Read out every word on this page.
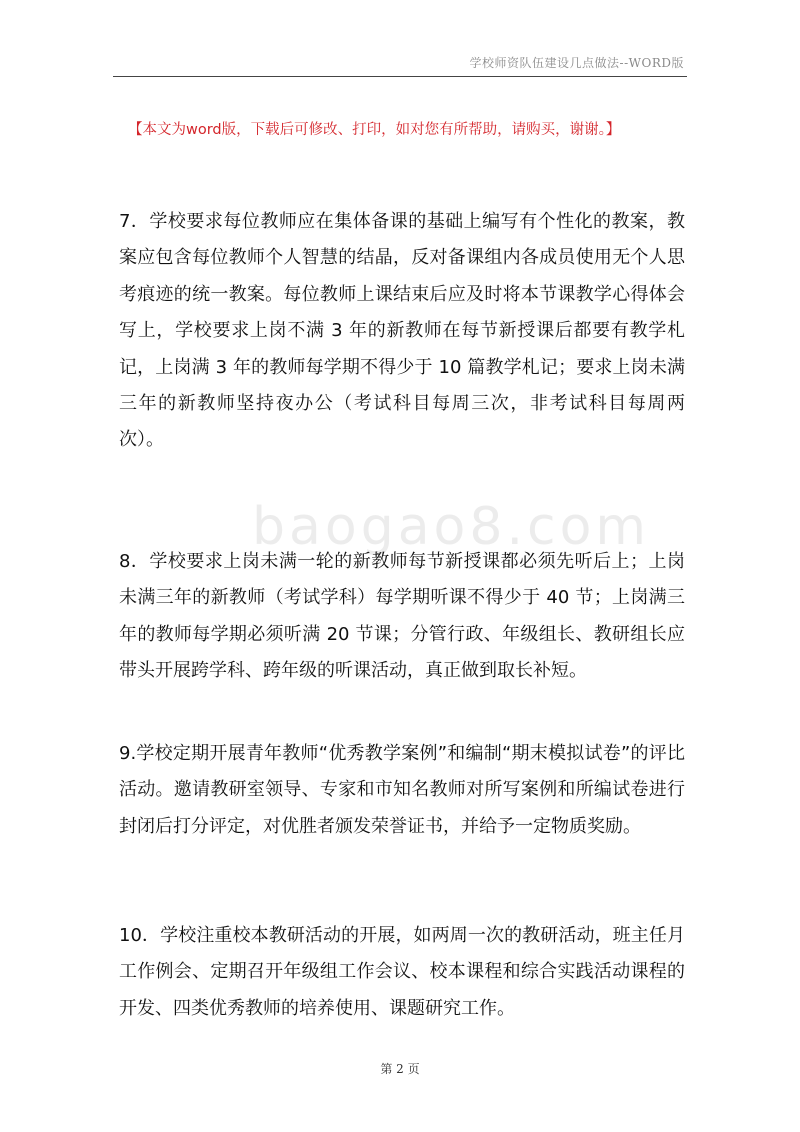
学校师资队伍建设几点做法--WORD版
【本文为word版，下载后可修改、打印，如对您有所帮助，请购买，谢谢。】

7．学校要求每位教师应在集体备课的基础上编写有个性化的教案，教案应包含每位教师个人智慧的结晶，反对备课组内各成员使用无个人思考痕迹的统一教案。每位教师上课结束后应及时将本节课教学心得体会写上，学校要求上岗不满 3 年的新教师在每节新授课后都要有教学札记，上岗满 3 年的教师每学期不得少于 10 篇教学札记；要求上岗未满三年的新教师坚持夜办公（考试科目每周三次，非考试科目每周两次）。

baogao8.com

8．学校要求上岗未满一轮的新教师每节新授课都必须先听后上；上岗未满三年的新教师（考试学科）每学期听课不得少于 40 节；上岗满三年的教师每学期必须听满 20 节课；分管行政、年级组长、教研组长应带头开展跨学科、跨年级的听课活动，真正做到取长补短。

9.学校定期开展青年教师“优秀教学案例”和编制“期末模拟试卷”的评比活动。邀请教研室领导、专家和市知名教师对所写案例和所编试卷进行封闭后打分评定，对优胜者颁发荣誉证书，并给予一定物质奖励。

10．学校注重校本教研活动的开展，如两周一次的教研活动，班主任月工作例会、定期召开年级组工作会议、校本课程和综合实践活动课程的开发、四类优秀教师的培养使用、课题研究工作。

第 2 页
